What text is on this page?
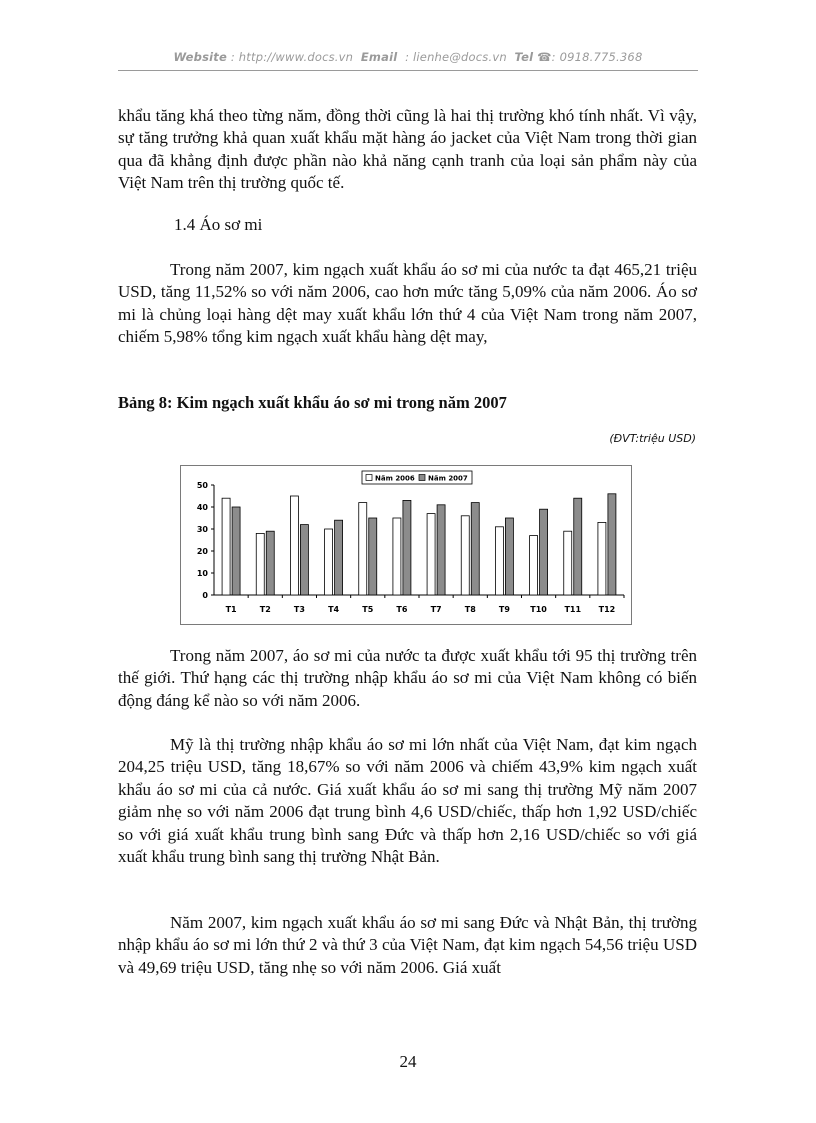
Website : http://www.docs.vn Email : lienhe@docs.vn Tel ☎: 0918.775.368

khẩu tăng khá theo từng năm, đồng thời cũng là hai thị trường khó tính nhất. Vì vậy, sự tăng trưởng khả quan xuất khẩu mặt hàng áo jacket của Việt Nam trong thời gian qua đã khẳng định được phần nào khả năng cạnh tranh của loại sản phẩm này của Việt Nam trên thị trường quốc tế.

1.4 Áo sơ mi

Trong năm 2007, kim ngạch xuất khẩu áo sơ mi của nước ta đạt 465,21 triệu USD, tăng 11,52% so với năm 2006, cao hơn mức tăng 5,09% của năm 2006. Áo sơ mi là chủng loại hàng dệt may xuất khẩu lớn thứ 4 của Việt Nam trong năm 2007, chiếm 5,98% tổng kim ngạch xuất khẩu hàng dệt may,

Bảng 8: Kim ngạch xuất khẩu áo sơ mi trong năm 2007
(ĐVT:triệu USD)
0
10
20
30
40
50
T1	T2	T3	T4	T5	T6	T7	T8	T9	T10 T11 T12
Năm 2006 Năm 2007

Trong năm 2007, áo sơ mi của nước ta được xuất khẩu tới 95 thị trường trên thế giới. Thứ hạng các thị trường nhập khẩu áo sơ mi của Việt Nam không có biến động đáng kể nào so với năm 2006.

Mỹ là thị trường nhập khẩu áo sơ mi lớn nhất của Việt Nam, đạt kim ngạch 204,25 triệu USD, tăng 18,67% so với năm 2006 và chiếm 43,9% kim ngạch xuất khẩu áo sơ mi của cả nước. Giá xuất khẩu áo sơ mi sang thị trường Mỹ năm 2007 giảm nhẹ so với năm 2006 đạt trung bình 4,6 USD/chiếc, thấp hơn 1,92 USD/chiếc so với giá xuất khẩu trung bình sang Đức và thấp hơn 2,16 USD/chiếc so với giá xuất khẩu trung bình sang thị trường Nhật Bản.

Năm 2007, kim ngạch xuất khẩu áo sơ mi sang Đức và Nhật Bản, thị trường nhập khẩu áo sơ mi lớn thứ 2 và thứ 3 của Việt Nam, đạt kim ngạch 54,56 triệu USD và 49,69 triệu USD, tăng nhẹ so với năm 2006. Giá xuất

24
